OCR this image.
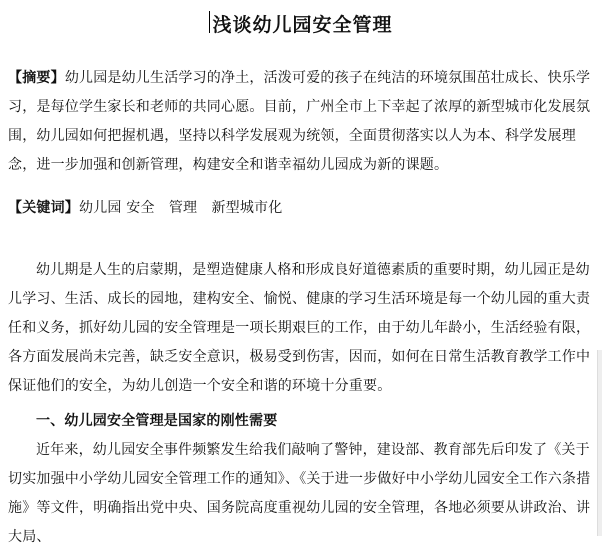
浅谈幼儿园安全管理

【摘要】幼儿园是幼儿生活学习的净土，活泼可爱的孩子在纯洁的环境氛围茁壮成长、快乐学习，是每位学生家长和老师的共同心愿。目前，广州全市上下幸起了浓厚的新型城市化发展氛围，幼儿园如何把握机遇，坚持以科学发展观为统领，全面贯彻落实以人为本、科学发展理念，进一步加强和创新管理，构建安全和谐幸福幼儿园成为新的课题。

【关键词】幼儿园 安全　管理　新型城市化

幼儿期是人生的启蒙期，是塑造健康人格和形成良好道德素质的重要时期，幼儿园正是幼儿学习、生活、成长的园地，建构安全、愉悦、健康的学习生活环境是每一个幼儿园的重大责任和义务，抓好幼儿园的安全管理是一项长期艰巨的工作，由于幼儿年龄小，生活经验有限，各方面发展尚未完善，缺乏安全意识，极易受到伤害，因而，如何在日常生活教育教学工作中保证他们的安全，为幼儿创造一个安全和谐的环境十分重要。

一、幼儿园安全管理是国家的刚性需要

近年来，幼儿园安全事件频繁发生给我们敲响了警钟，建设部、教育部先后印发了《关于切实加强中小学幼儿园安全管理工作的通知》、《关于进一步做好中小学幼儿园安全工作六条措施》等文件，明确指出党中央、国务院高度重视幼儿园的安全管理，各地必须要从讲政治、讲大局、
